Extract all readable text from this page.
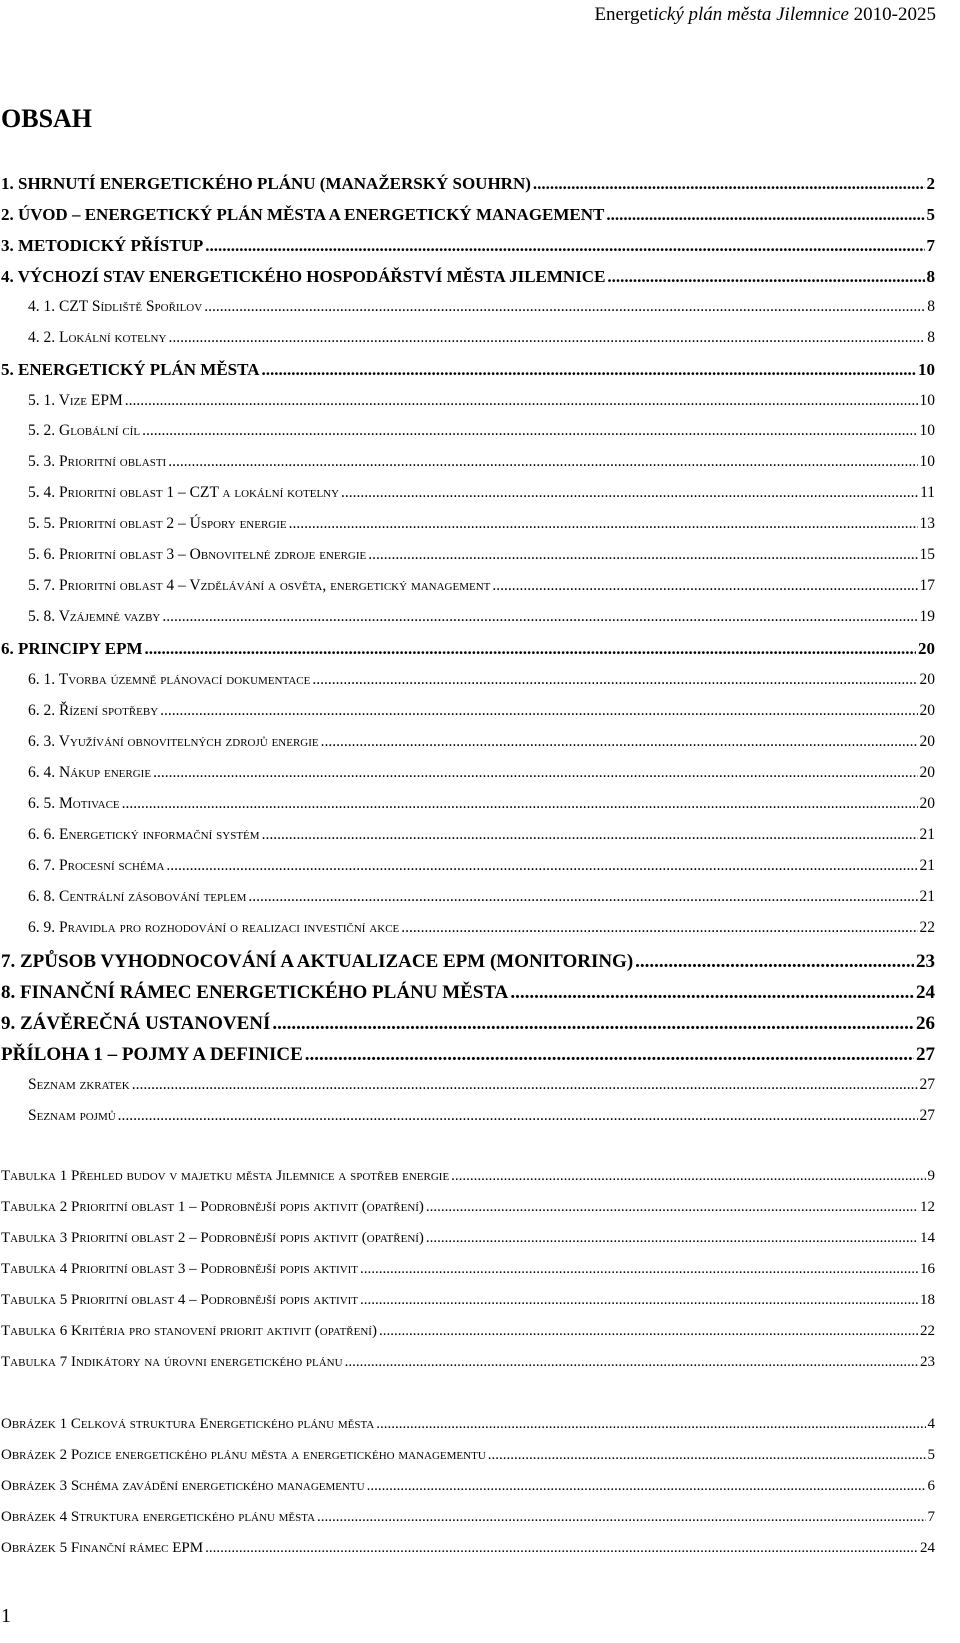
Energetický plán města Jilemnice 2010-2025
OBSAH
1. SHRNUTÍ ENERGETICKÉHO PLÁNU (MANAŽERSKÝ SOUHRN) .....	2
2. ÚVOD – ENERGETICKÝ PLÁN MĚSTA A ENERGETICKÝ MANAGEMENT .....	5
3. METODICKÝ PŘÍSTUP .....	7
4. VÝCHOZÍ STAV ENERGETICKÉHO HOSPODÁŘSTVÍ MĚSTA JILEMNICE .....	8
4. 1. CZT Sídliště Spořilov .....	8
4. 2. Lokální kotelny .....	8
5. ENERGETICKÝ PLÁN MĚSTA .....	10
5. 1. Vize EPM .....	10
5. 2. Globální cíl .....	10
5. 3. Prioritní oblasti .....	10
5. 4. Prioritní oblast 1 – CZT a lokální kotelny .....	11
5. 5. Prioritní oblast 2 – Úspory energie .....	13
5. 6. Prioritní oblast 3 – Obnovitelné zdroje energie .....	15
5. 7. Prioritní oblast 4 – Vzdělávání a osvěta, energetický management .....	17
5. 8. Vzájemné vazby .....	19
6. PRINCIPY EPM .....	20
6. 1. Tvorba územně plánovací dokumentace .....	20
6. 2. Řízení spotřeby .....	20
6. 3. Využívání obnovitelných zdrojů energie .....	20
6. 4. Nákup energie .....	20
6. 5. Motivace .....	20
6. 6. Energetický informační systém .....	21
6. 7. Procesní schéma .....	21
6. 8. Centrální zásobování teplem .....	21
6. 9. Pravidla pro rozhodování o realizaci investiční akce .....	22
7. ZPŮSOB VYHODNOCOVÁNÍ A AKTUALIZACE EPM (MONITORING) .....	23
8. FINANČNÍ RÁMEC ENERGETICKÉHO PLÁNU MĚSTA .....	24
9. ZÁVĚREČNÁ USTANOVENÍ .....	26
PŘÍLOHA 1 – POJMY A DEFINICE .....	27
Seznam zkratek .....	27
Seznam pojmů .....	27
Tabulka 1 Přehled budov v majetku města Jilemnice a spotřeb energie .....	9
Tabulka 2 Prioritní oblast 1 – Podrobnější popis aktivit (opatření) .....	12
Tabulka 3 Prioritní oblast 2 – Podrobnější popis aktivit (opatření) .....	14
Tabulka 4 Prioritní oblast 3 – Podrobnější popis aktivit .....	16
Tabulka 5 Prioritní oblast 4 – Podrobnější popis aktivit .....	18
Tabulka 6 Kritéria pro stanovení priorit aktivit (opatření) .....	22
Tabulka 7 Indikátory na úrovni energetického plánu .....	23
Obrázek 1 Celková struktura Energetického plánu města .....	4
Obrázek 2 Pozice energetického plánu města a energetického managementu .....	5
Obrázek 3 Schéma zavádění energetického managementu .....	6
Obrázek 4 Struktura energetického plánu města .....	7
Obrázek 5 Finanční rámec EPM .....	24
1
